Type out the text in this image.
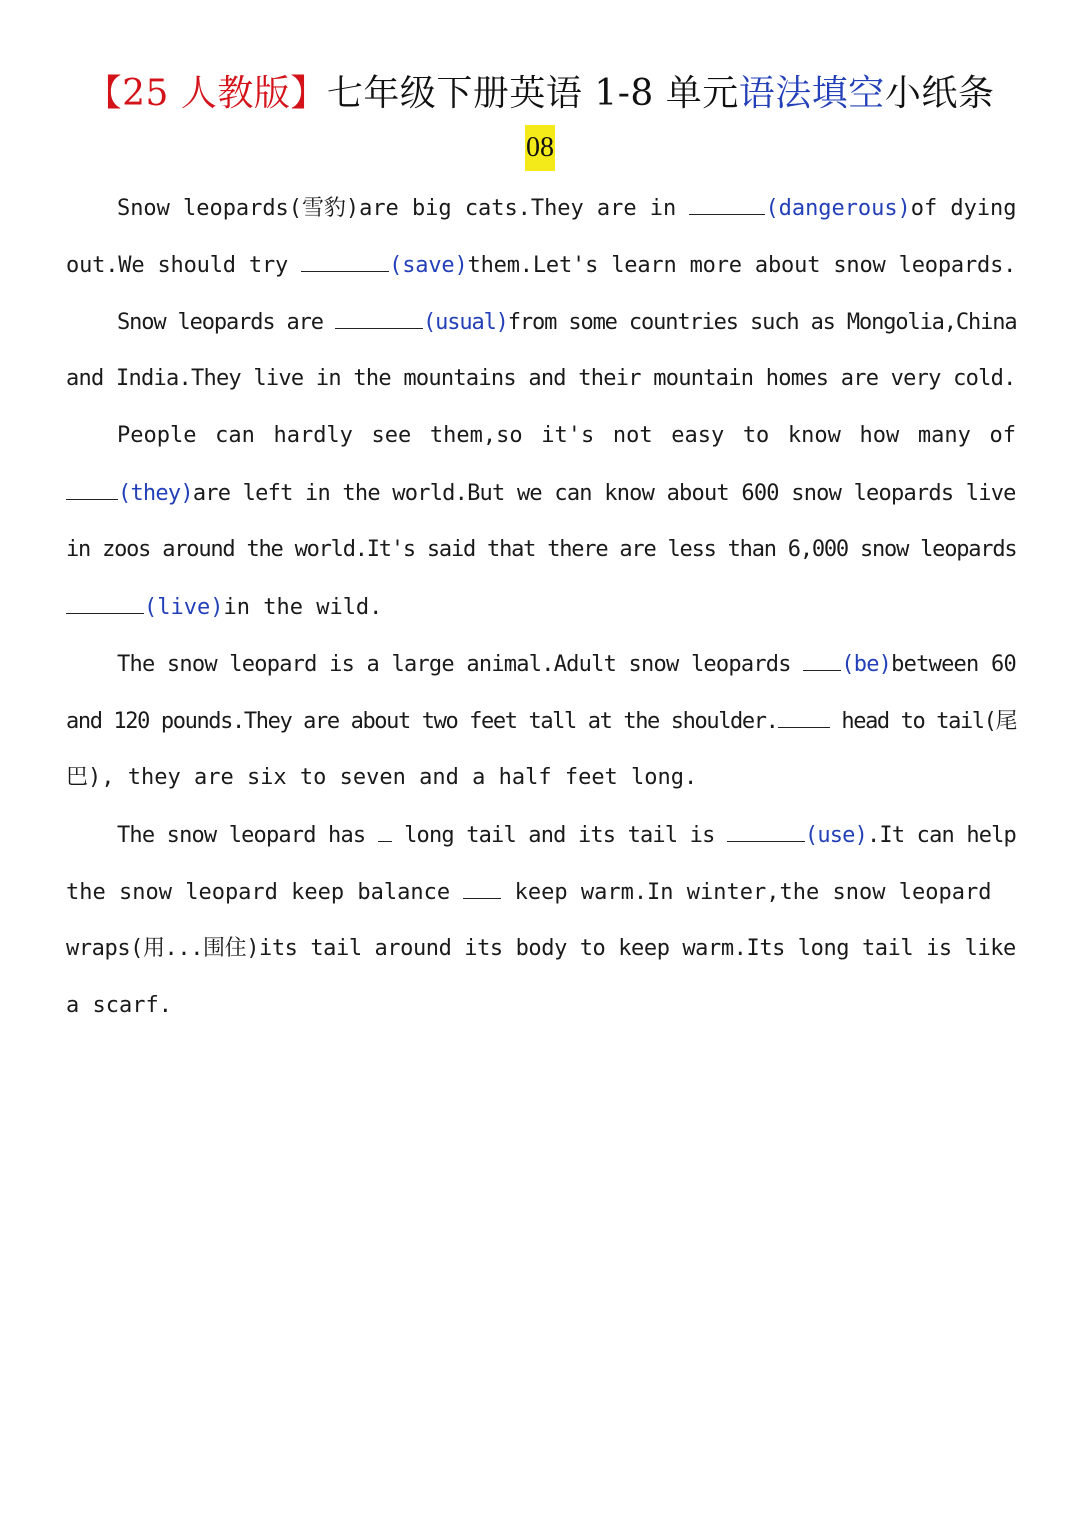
【25 人教版】七年级下册英语 1-8 单元语法填空小纸条
08
Snow leopards(雪豹)are big cats.They are in	(dangerous)of dying
out.We should try	(save)them.Let's learn more about snow leopards.
Snow leopards are	(usual)from some countries such as Mongolia,China
and India.They live in the mountains and their mountain homes are very cold.
People can hardly see them,so it's not easy to know how many of
(they)are left in the world.But we can know about 600 snow leopards live
in zoos around the world.It's said that there are less than 6,000 snow leopards
(live)in the wild.
The snow leopard is a large animal.Adult snow leopards (be)between 60
and 120 pounds.They are about two feet tall at the shoulder.	head to tail(尾
巴), they are six to seven and a half feet long.
The snow leopard has long tail and its tail is	(use).It can help
the snow leopard keep balance	keep warm.In winter,the snow leopard
wraps(用...围住)its tail around its body to keep warm.Its long tail is like
a scarf.
